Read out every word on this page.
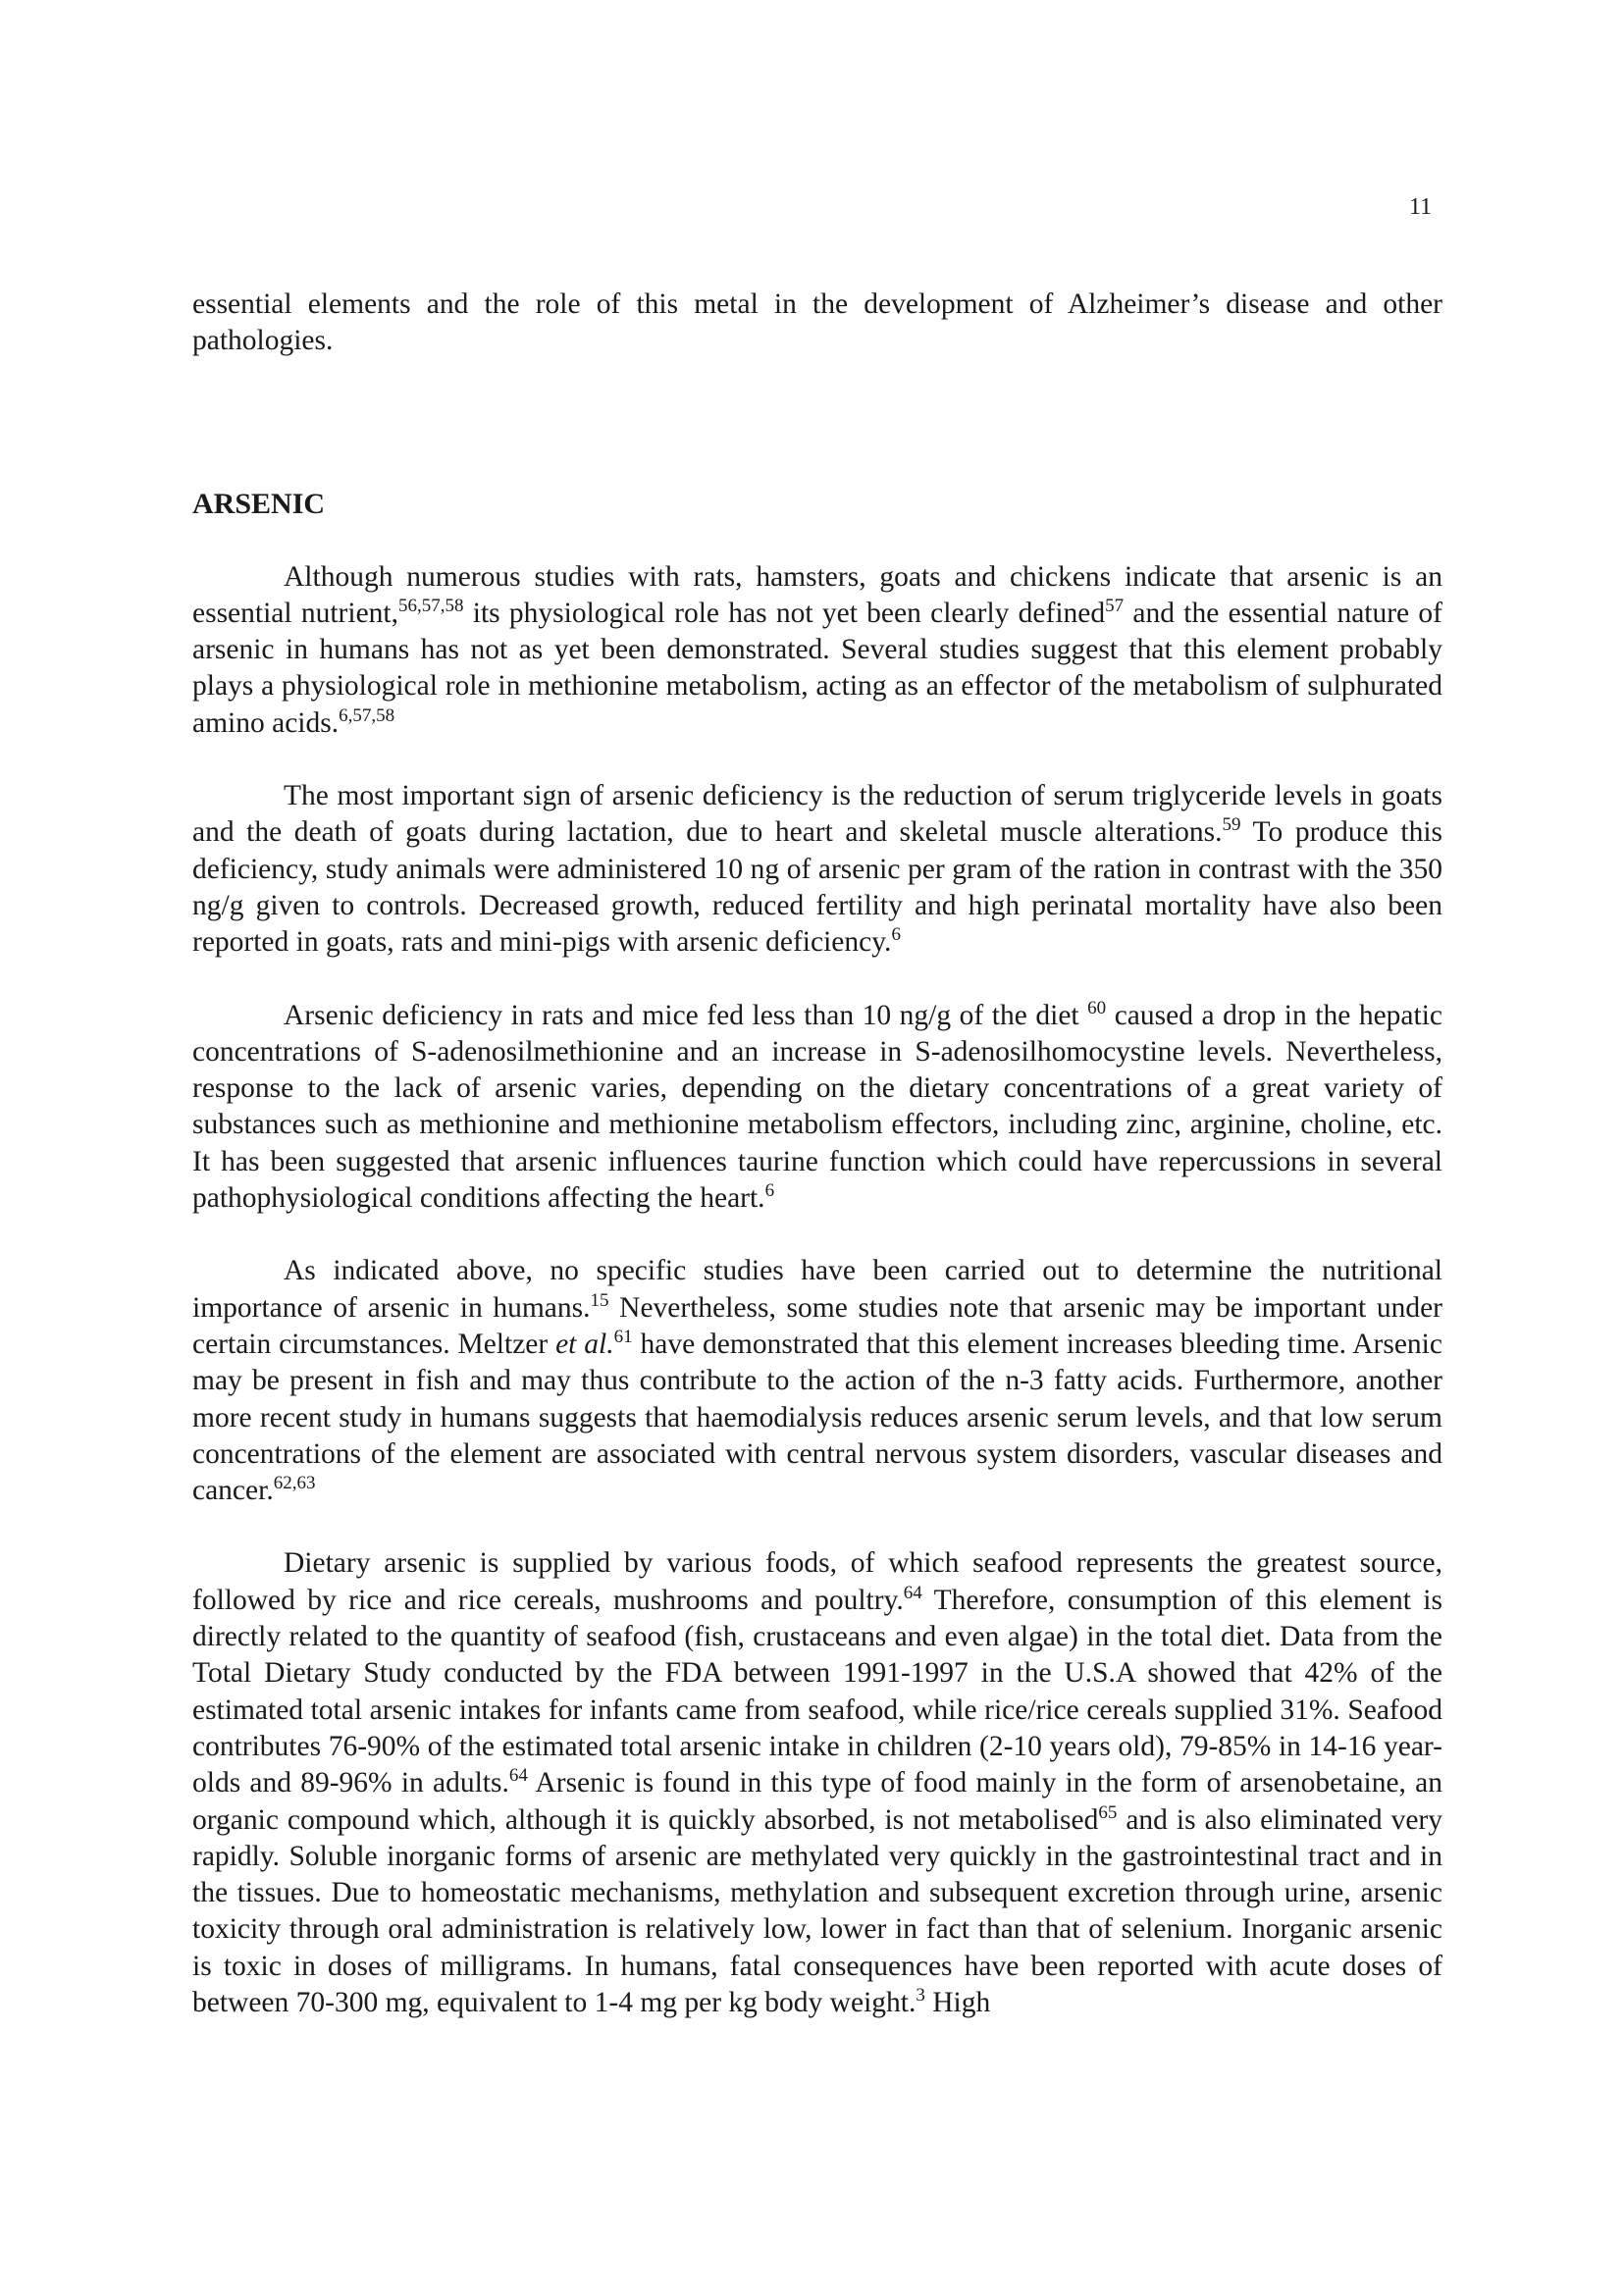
11

essential elements and the role of this metal in the development of Alzheimer’s disease and other pathologies.

ARSENIC

Although numerous studies with rats, hamsters, goats and chickens indicate that arsenic is an essential nutrient,$^{56,57,58}$ its physiological role has not yet been clearly defined$^{57}$ and the essential nature of arsenic in humans has not as yet been demonstrated. Several studies suggest that this element probably plays a physiological role in methionine metabolism, acting as an effector of the metabolism of sulphurated amino acids.$^{6,57,58}$

The most important sign of arsenic deficiency is the reduction of serum triglyceride levels in goats and the death of goats during lactation, due to heart and skeletal muscle alterations.$^{59}$ To produce this deficiency, study animals were administered 10 ng of arsenic per gram of the ration in contrast with the 350 ng/g given to controls. Decreased growth, reduced fertility and high perinatal mortality have also been reported in goats, rats and mini-pigs with arsenic deficiency.$^6$

Arsenic deficiency in rats and mice fed less than 10 ng/g of the diet $^{60}$ caused a drop in the hepatic concentrations of S-adenosilmethionine and an increase in S-adenosilhomocystine levels. Nevertheless, response to the lack of arsenic varies, depending on the dietary concentrations of a great variety of substances such as methionine and methionine metabolism effectors, including zinc, arginine, choline, etc. It has been suggested that arsenic influences taurine function which could have repercussions in several pathophysiological conditions affecting the heart.$^6$

As indicated above, no specific studies have been carried out to determine the nutritional importance of arsenic in humans.$^{15}$ Nevertheless, some studies note that arsenic may be important under certain circumstances. Meltzer et al.$^{61}$ have demonstrated that this element increases bleeding time. Arsenic may be present in fish and may thus contribute to the action of the n-3 fatty acids. Furthermore, another more recent study in humans suggests that haemodialysis reduces arsenic serum levels, and that low serum concentrations of the element are associated with central nervous system disorders, vascular diseases and cancer.$^{62,63}$

Dietary arsenic is supplied by various foods, of which seafood represents the greatest source, followed by rice and rice cereals, mushrooms and poultry.$^{64}$ Therefore, consumption of this element is directly related to the quantity of seafood (fish, crustaceans and even algae) in the total diet. Data from the Total Dietary Study conducted by the FDA between 1991-1997 in the U.S.A showed that 42% of the estimated total arsenic intakes for infants came from seafood, while rice/rice cereals supplied 31%. Seafood contributes 76-90% of the estimated total arsenic intake in children (2-10 years old), 79-85% in 14-16 year-olds and 89-96% in adults.$^{64}$ Arsenic is found in this type of food mainly in the form of arsenobetaine, an organic compound which, although it is quickly absorbed, is not metabolised$^{65}$ and is also eliminated very rapidly. Soluble inorganic forms of arsenic are methylated very quickly in the gastrointestinal tract and in the tissues. Due to homeostatic mechanisms, methylation and subsequent excretion through urine, arsenic toxicity through oral administration is relatively low, lower in fact than that of selenium. Inorganic arsenic is toxic in doses of milligrams. In humans, fatal consequences have been reported with acute doses of between 70-300 mg, equivalent to 1-4 mg per kg body weight.$^3$ High
